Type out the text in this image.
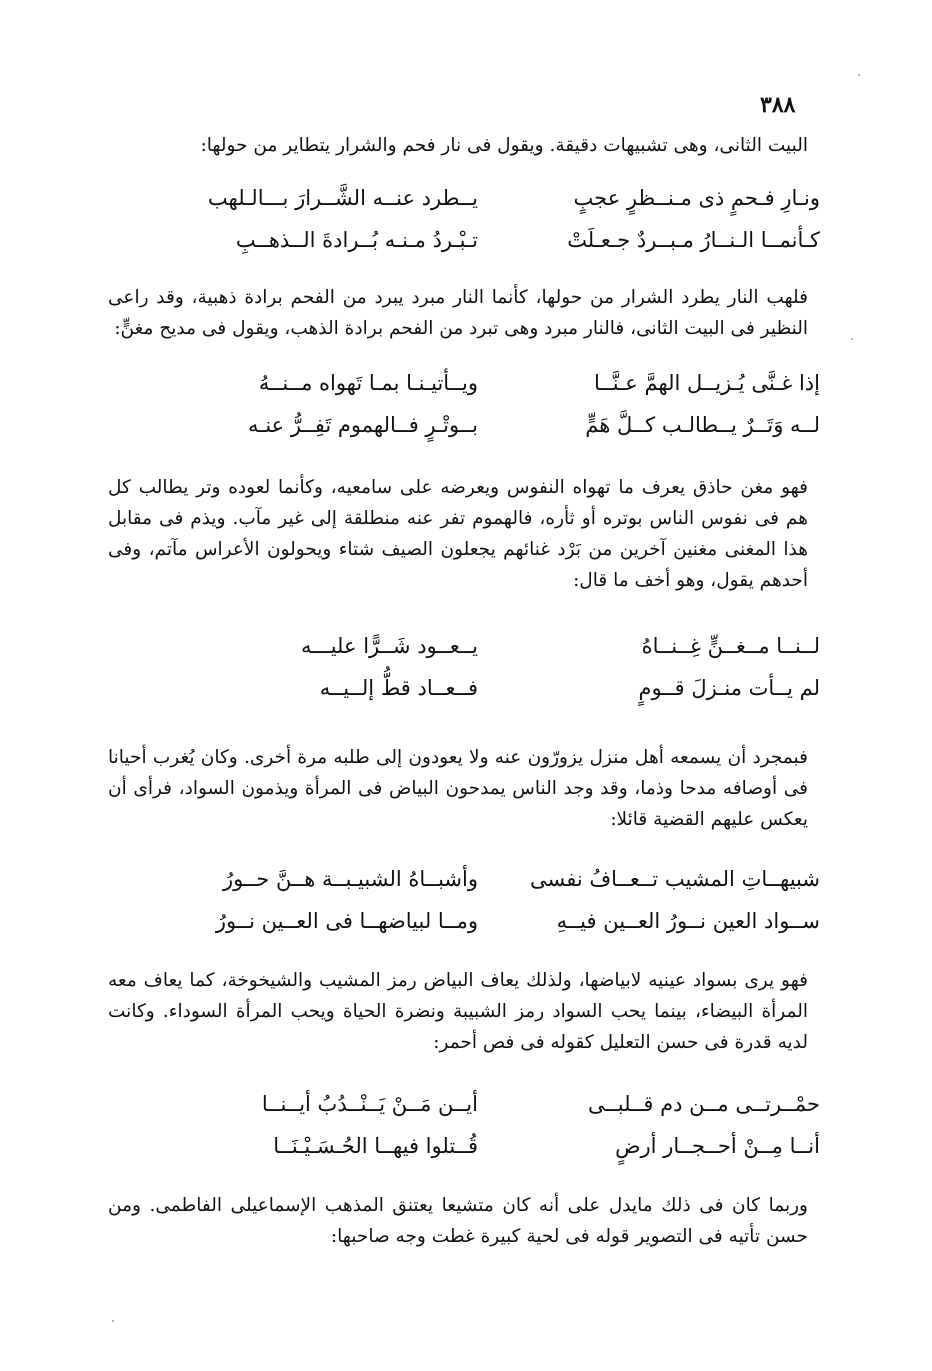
٣٨٨

البيت الثانى، وهى تشبيهات دقيقة. ويقول فى نار فحم والشرار يتطاير من حولها:

ونـارِ فـحمٍ ذى مـنــظرٍ عجبٍ
يــطرد عنــه الشَّــرارَ بـــالـلهب
كـأنمــا الـنــارُ مـبــردٌ جـعـلَتْ
تـبْـردُ مـنـه بُــرادةَ الــذهــبِ

فلهب النار يطرد الشرار من حولها، كأنما النار مبرد يبرد من الفحم برادة ذهبية، وقد راعى النظير فى البيت الثانى، فالنار مبرد وهى تبرد من الفحم برادة الذهب، ويقول فى مديح مغنٍّ:

إذا غـنَّى يُـزيــل الهمَّ عـنَّــا
ويــأتيـنـا بمـا تَهواه مــنــهُ
لــه وَتَــرٌ يــطالـب كــلَّ هَمٍّ
بــوتْـرٍ فــالهموم تَفِــرُّ عنـه

فهو مغن حاذق يعرف ما تهواه النفوس ويعرضه على سامعيه، وكأنما لعوده وتر يطالب كل هم فى نفوس الناس بوتره أو ثأره، فالهموم تفر عنه منطلقة إلى غير مآب. ويذم فى مقابل هذا المغنى مغنين آخرين من بَرْد غنائهم يجعلون الصيف شتاء ويحولون الأعراس مآتم، وفى أحدهم يقول، وهو أخف ما قال:

لــنــا مــغــنٍّ غِــنــاهُ
يــعــود شَــرًّا عليـــه
لم يــأت منـزلَ قــومٍ
فــعــاد قطُّ إلــيــه

فبمجرد أن يسمعه أهل منزل يزورّون عنه ولا يعودون إلى طلبه مرة أخرى. وكان يُغرب أحيانا فى أوصافه مدحا وذما، وقد وجد الناس يمدحون البياض فى المرأة ويذمون السواد، فرأى أن يعكس عليهم القضية قائلا:

شبيهــاتِ المشيب تــعــافُ نفسى
وأشبــاهُ الشبيـبــة هــنَّ حــورُ
ســواد العين نــورُ العــين فيــهِ
ومــا لبياضهــا فى العــين نــورُ

فهو يرى بسواد عينيه لابياضها، ولذلك يعاف البياض رمز المشيب والشيخوخة، كما يعاف معه المرأة البيضاء، بينما يحب السواد رمز الشبيبة ونضرة الحياة ويحب المرأة السوداء. وكانت لديه قدرة فى حسن التعليل كقوله فى فص أحمر:

حمْــرتــى مــن دم قــلبــى
أيــن مَــنْ يَــنْــدُبُ أيــنــا
أنــا مِــنْ أحــجــار أرضٍ
قُــتلوا فيهــا الحُـسَـيْـنَــا

وربما كان فى ذلك مايدل على أنه كان متشيعا يعتنق المذهب الإسماعيلى الفاطمى. ومن حسن تأتيه فى التصوير قوله فى لحية كبيرة غطت وجه صاحبها:
